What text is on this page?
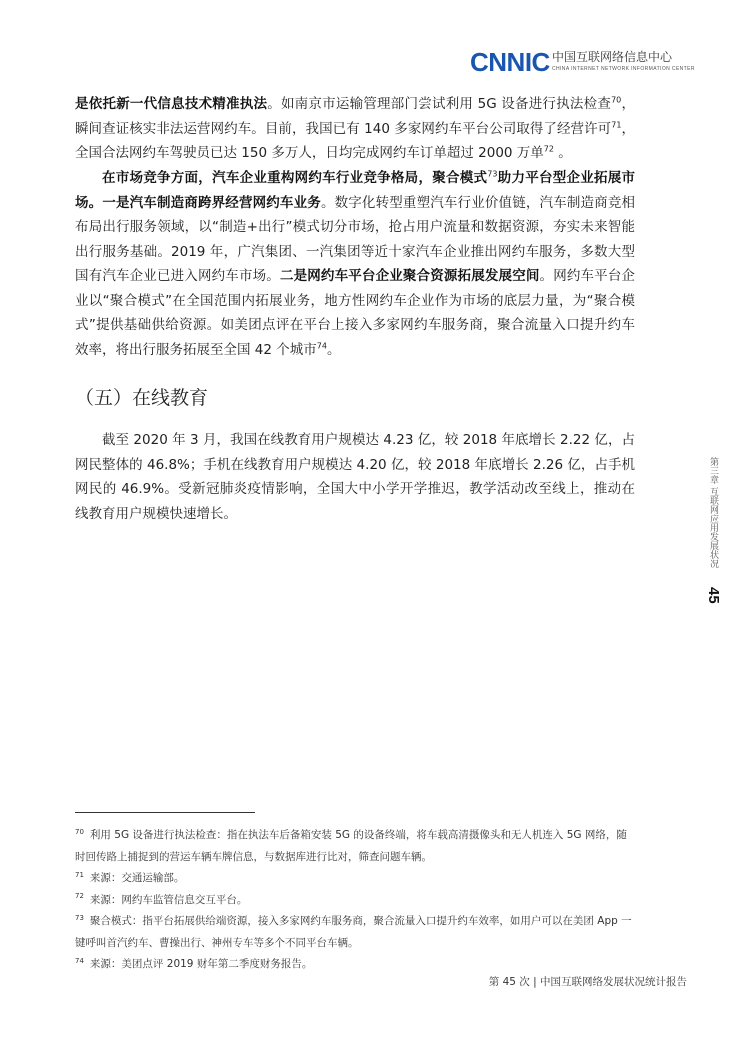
CNNIC 中国互联网络信息中心
CHINA INTERNET NETWORK INFORMATION CENTER
是依托新一代信息技术精准执法。如南京市运输管理部门尝试利用 5G 设备进行执法检查$^{70}$，瞬间查证核实非法运营网约车。目前，我国已有 140 多家网约车平台公司取得了经营许可$^{71}$，全国合法网约车驾驶员已达 150 多万人，日均完成网约车订单超过 2000 万单$^{72}$ 。
在市场竞争方面，汽车企业重构网约车行业竞争格局，聚合模式$^{73}$助力平台型企业拓展市场。一是汽车制造商跨界经营网约车业务。数字化转型重塑汽车行业价值链，汽车制造商竞相布局出行服务领域，以“制造+出行”模式切分市场，抢占用户流量和数据资源，夯实未来智能出行服务基础。2019 年，广汽集团、一汽集团等近十家汽车企业推出网约车服务，多数大型国有汽车企业已进入网约车市场。二是网约车平台企业聚合资源拓展发展空间。网约车平台企业以“聚合模式”在全国范围内拓展业务，地方性网约车企业作为市场的底层力量，为“聚合模式”提供基础供给资源。如美团点评在平台上接入多家网约车服务商，聚合流量入口提升约车效率，将出行服务拓展至全国 42 个城市$^{74}$。
（五）在线教育
截至 2020 年 3 月，我国在线教育用户规模达 4.23 亿，较 2018 年底增长 2.22 亿，占网民整体的 46.8%；手机在线教育用户规模达 4.20 亿，较 2018 年底增长 2.26 亿，占手机网民的 46.9%。受新冠肺炎疫情影响，全国大中小学开学推迟，教学活动改至线上，推动在线教育用户规模快速增长。	第三章 互联网应用发展状况
45

$^{70}$ 利用 5G 设备进行执法检查：指在执法车后备箱安装 5G 的设备终端，将车载高清摄像头和无人机连入 5G 网络，随时回传路上捕捉到的营运车辆车牌信息，与数据库进行比对，筛查问题车辆。

$^{71}$ 来源：交通运输部。

$^{72}$ 来源：网约车监管信息交互平台。

$^{73}$ 聚合模式：指平台拓展供给端资源，接入多家网约车服务商，聚合流量入口提升约车效率，如用户可以在美团 App 一键呼叫首汽约车、曹操出行、神州专车等多个不同平台车辆。

$^{74}$ 来源：美团点评 2019 财年第二季度财务报告。

第 45 次 | 中国互联网络发展状况统计报告
